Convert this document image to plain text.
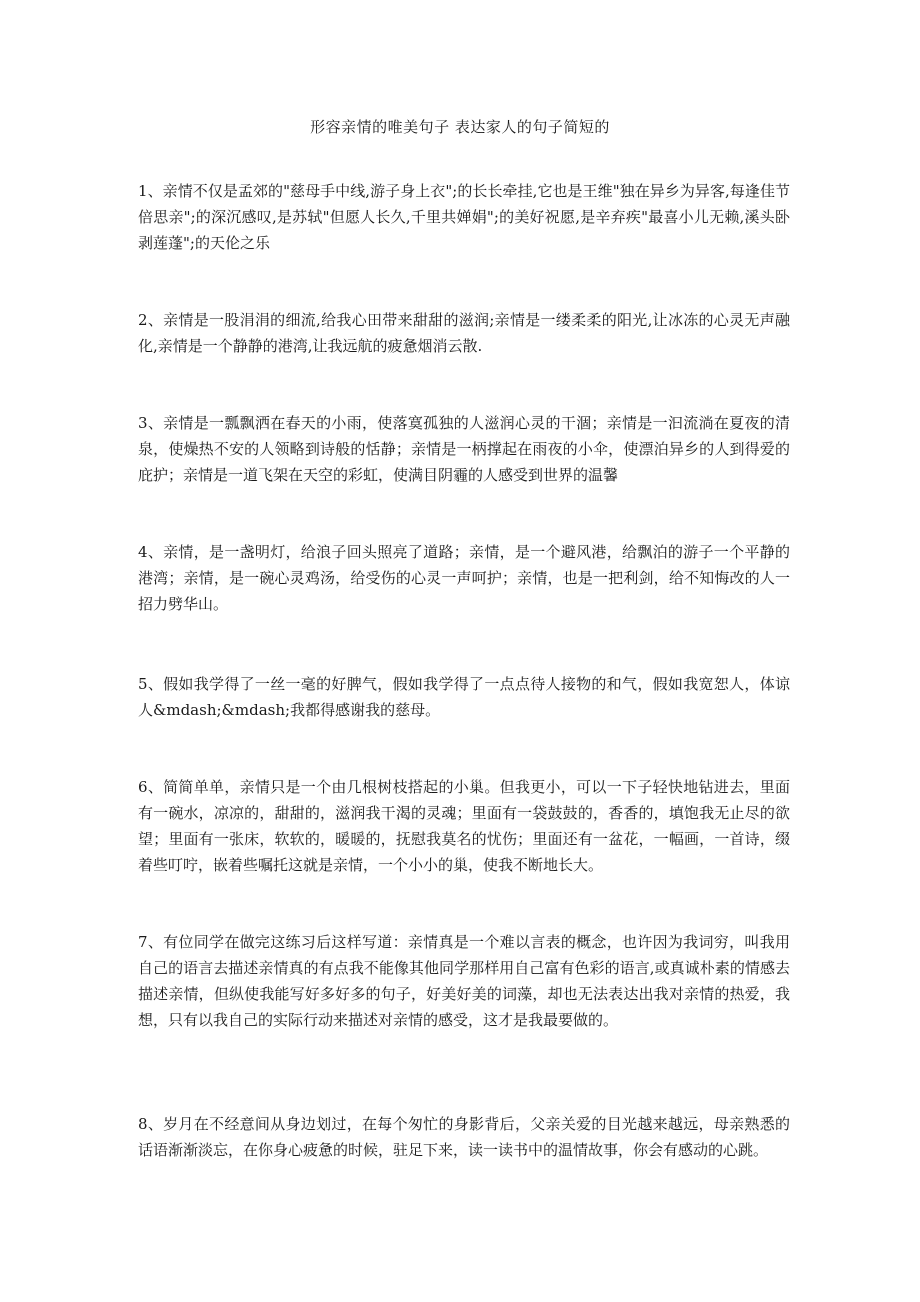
形容亲情的唯美句子 表达家人的句子简短的

1、亲情不仅是孟郊的"慈母手中线,游子身上衣";的长长牵挂,它也是王维"独在异乡为异客,每逢佳节倍思亲";的深沉感叹,是苏轼"但愿人长久,千里共婵娟";的美好祝愿,是辛弃疾"最喜小儿无赖,溪头卧剥莲蓬";的天伦之乐

2、亲情是一股涓涓的细流,给我心田带来甜甜的滋润;亲情是一缕柔柔的阳光,让冰冻的心灵无声融化,亲情是一个静静的港湾,让我远航的疲惫烟消云散.

3、亲情是一瓢飘洒在春天的小雨，使落寞孤独的人滋润心灵的干涸；亲情是一汩流淌在夏夜的清泉，使燥热不安的人领略到诗般的恬静；亲情是一柄撑起在雨夜的小伞，使漂泊异乡的人到得爱的庇护；亲情是一道飞架在天空的彩虹，使满目阴霾的人感受到世界的温馨

4、亲情，是一盏明灯，给浪子回头照亮了道路；亲情，是一个避风港，给飘泊的游子一个平静的港湾；亲情，是一碗心灵鸡汤，给受伤的心灵一声呵护；亲情，也是一把利剑，给不知悔改的人一招力劈华山。

5、假如我学得了一丝一毫的好脾气，假如我学得了一点点待人接物的和气，假如我宽恕人，体谅人&mdash;&mdash;我都得感谢我的慈母。

6、简简单单，亲情只是一个由几根树枝搭起的小巢。但我更小，可以一下子轻快地钻进去，里面有一碗水，凉凉的，甜甜的，滋润我干渴的灵魂；里面有一袋鼓鼓的，香香的，填饱我无止尽的欲望；里面有一张床，软软的，暖暖的，抚慰我莫名的忧伤；里面还有一盆花，一幅画，一首诗，缀着些叮咛，嵌着些嘱托这就是亲情，一个小小的巢，使我不断地长大。

7、有位同学在做完这练习后这样写道：亲情真是一个难以言表的概念，也许因为我词穷，叫我用自己的语言去描述亲情真的有点我不能像其他同学那样用自己富有色彩的语言,或真诚朴素的情感去描述亲情，但纵使我能写好多好多的句子，好美好美的词藻，却也无法表达出我对亲情的热爱，我想，只有以我自己的实际行动来描述对亲情的感受，这才是我最要做的。

8、岁月在不经意间从身边划过，在每个匆忙的身影背后，父亲关爱的目光越来越远，母亲熟悉的话语渐渐淡忘，在你身心疲惫的时候，驻足下来，读一读书中的温情故事，你会有感动的心跳。
